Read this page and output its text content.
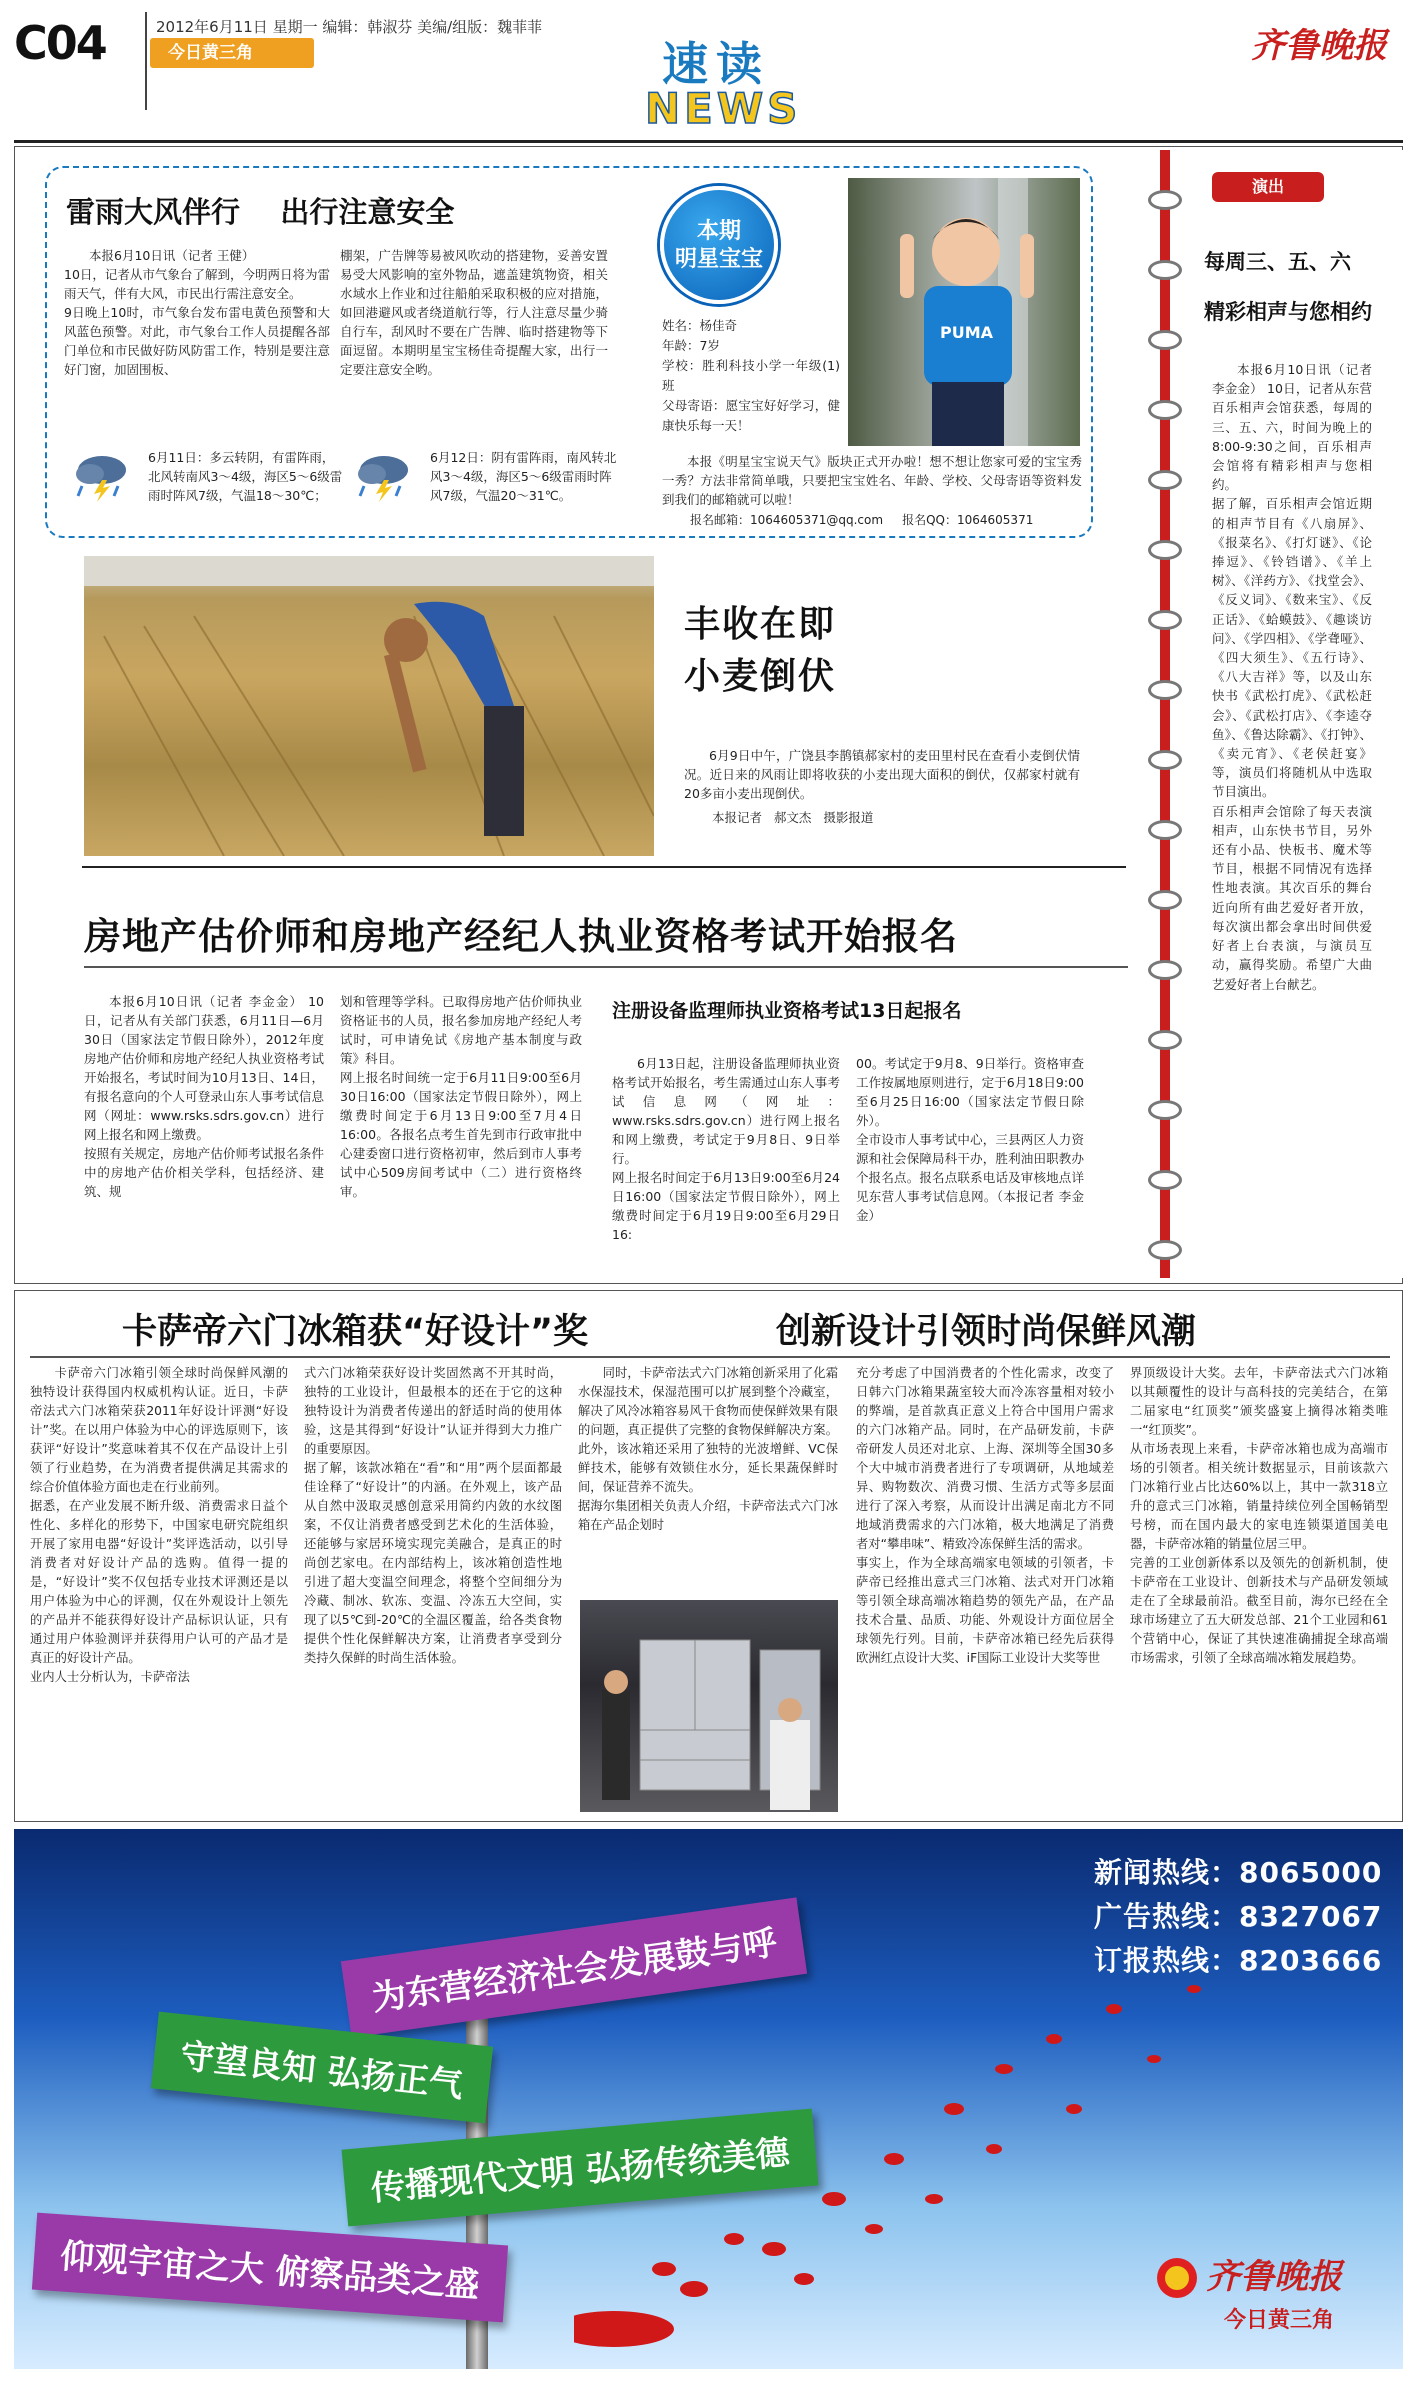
C04	2012年6月11日 星期一 编辑：韩淑芬 美编/组版：魏菲菲
今日黄三角	速读
NEWS
齐鲁晚报
雷雨大风伴行    出行注意安全
本报6月10日讯（记者 王健）
10日，记者从市气象台了解到，今明两日将为雷雨天气，伴有大风，市民出行需注意安全。
9日晚上10时，市气象台发布雷电黄色预警和大风蓝色预警。对此，市气象台工作人员提醒各部门单位和市民做好防风防雷工作，特别是要注意好门窗，加固围板、
棚架，广告牌等易被风吹动的搭建物，妥善安置易受大风影响的室外物品，遮盖建筑物资，相关水域水上作业和过往船舶采取积极的应对措施，如回港避风或者绕道航行等，行人注意尽量少骑自行车，刮风时不要在广告牌、临时搭建物等下面逗留。本期明星宝宝杨佳奇提醒大家，出行一定要注意安全哟。
6月11日：多云转阴，有雷阵雨，北风转南风3～4级，海区5～6级雷雨时阵风7级，气温18～30℃；
6月12日：阴有雷阵雨，南风转北风3～4级，海区5～6级雷雨时阵风7级，气温20～31℃。
本期
明星宝宝
姓名：杨佳奇
年龄：7岁
学校：胜利科技小学一年级(1)班
父母寄语：愿宝宝好好学习，健康快乐每一天！
PUMA
本报《明星宝宝说天气》版块正式开办啦！想不想让您家可爱的宝宝秀一秀？方法非常简单哦，只要把宝宝姓名、年龄、学校、父母寄语等资料发到我们的邮箱就可以啦！
报名邮箱：1064605371@qq.com     报名QQ：1064605371
丰收在即
小麦倒伏
6月9日中午，广饶县李鹊镇郝家村的麦田里村民在查看小麦倒伏情况。近日来的风雨让即将收获的小麦出现大面积的倒伏，仅郝家村就有20多亩小麦出现倒伏。
本报记者   郝文杰   摄影报道
房地产估价师和房地产经纪人执业资格考试开始报名
本报6月10日讯（记者 李金金） 10日，记者从有关部门获悉，6月11日—6月30日（国家法定节假日除外），2012年度房地产估价师和房地产经纪人执业资格考试开始报名，考试时间为10月13日、14日，有报名意向的个人可登录山东人事考试信息网（网址：www.rsks.sdrs.gov.cn）进行网上报名和网上缴费。
按照有关规定，房地产估价师考试报名条件中的房地产估价相关学科，包括经济、建筑、规
划和管理等学科。已取得房地产估价师执业资格证书的人员，报名参加房地产经纪人考试时，可申请免试《房地产基本制度与政策》科目。
网上报名时间统一定于6月11日9:00至6月30日16:00（国家法定节假日除外），网上缴费时间定于6月13日9:00至7月4日16:00。各报名点考生首先到市行政审批中心建委窗口进行资格初审，然后到市人事考试中心509房间考试中（二）进行资格终审。
注册设备监理师执业资格考试13日起报名
6月13日起，注册设备监理师执业资格考试开始报名，考生需通过山东人事考试信息网（网址：www.rsks.sdrs.gov.cn）进行网上报名和网上缴费，考试定于9月8日、9日举行。
网上报名时间定于6月13日9:00至6月24日16:00（国家法定节假日除外），网上缴费时间定于6月19日9:00至6月29日16:
00。考试定于9月8、9日举行。资格审查工作按属地原则进行，定于6月18日9:00至6月25日16:00（国家法定节假日除外）。
全市设市人事考试中心，三县两区人力资源和社会保障局科干办，胜利油田职教办个报名点。报名点联系电话及审核地点详见东营人事考试信息网。（本报记者 李金金）
演出
每周三、五、六
精彩相声与您相约
本报6月10日讯（记者 李金金） 10日，记者从东营百乐相声会馆获悉，每周的三、五、六，时间为晚上的8:00-9:30之间，百乐相声会馆将有精彩相声与您相约。
据了解，百乐相声会馆近期的相声节目有《八扇屏》、《报菜名》、《打灯谜》、《论捧逗》、《铃铛谱》、《羊上树》、《洋药方》、《找堂会》、《反义词》、《数来宝》、《反正话》、《蛤蟆鼓》、《趣谈访问》、《学四相》、《学聋哑》、《四大须生》、《五行诗》、《八大吉祥》等，以及山东快书《武松打虎》、《武松赶会》、《武松打店》、《李逵夺鱼》、《鲁达除霸》、《打钟》、《卖元宵》、《老侯赶宴》等，演员们将随机从中选取节目演出。
百乐相声会馆除了每天表演相声，山东快书节目，另外还有小品、快板书、魔术等节目，根据不同情况有选择性地表演。其次百乐的舞台近向所有曲艺爱好者开放，每次演出都会拿出时间供爱好者上台表演，与演员互动，赢得奖励。希望广大曲艺爱好者上台献艺。
卡萨帝六门冰箱获“好设计”奖	创新设计引领时尚保鲜风潮
卡萨帝六门冰箱引领全球时尚保鲜风潮的独特设计获得国内权威机构认证。近日，卡萨帝法式六门冰箱荣获2011年好设计评测“好设计”奖。在以用户体验为中心的评选原则下，该获评“好设计”奖意味着其不仅在产品设计上引领了行业趋势，在为消费者提供满足其需求的综合价值体验方面也走在行业前列。
据悉，在产业发展不断升级、消费需求日益个性化、多样化的形势下，中国家电研究院组织开展了家用电器“好设计”奖评选活动，以引导消费者对好设计产品的选购。值得一提的是，“好设计”奖不仅包括专业技术评测还是以用户体验为中心的评测，仅在外观设计上领先的产品并不能获得好设计产品标识认证，只有通过用户体验测评并获得用户认可的产品才是真正的好设计产品。
业内人士分析认为，卡萨帝法
式六门冰箱荣获好设计奖固然离不开其时尚，独特的工业设计，但最根本的还在于它的这种独特设计为消费者传递出的舒适时尚的使用体验，这是其得到“好设计”认证并得到大力推广的重要原因。
据了解，该款冰箱在“看”和“用”两个层面都最佳诠释了“好设计”的内涵。在外观上，该产品从自然中汲取灵感创意采用简约内敛的水纹图案，不仅让消费者感受到艺术化的生活体验，还能够与家居环境实现完美融合，是真正的时尚创艺家电。在内部结构上，该冰箱创造性地引进了超大变温空间理念，将整个空间细分为冷藏、制冰、软冻、变温、冷冻五大空间，实现了以5℃到-20℃的全温区覆盖，给各类食物提供个性化保鲜解决方案，让消费者享受到分类持久保鲜的时尚生活体验。
同时，卡萨帝法式六门冰箱创新采用了化霜水保湿技术，保湿范围可以扩展到整个冷藏室，解决了风冷冰箱容易风干食物而使保鲜效果有限的问题，真正提供了完整的食物保鲜解决方案。此外，该冰箱还采用了独特的光波增鲜、VC保鲜技术，能够有效锁住水分，延长果蔬保鲜时间，保证营养不流失。
据海尔集团相关负责人介绍，卡萨帝法式六门冰箱在产品企划时
充分考虑了中国消费者的个性化需求，改变了日韩六门冰箱果蔬室较大而冷冻容量相对较小的弊端，是首款真正意义上符合中国用户需求的六门冰箱产品。同时，在产品研发前，卡萨帝研发人员还对北京、上海、深圳等全国30多个大中城市消费者进行了专项调研，从地域差异、购物数次、消费习惯、生活方式等多层面进行了深入考察，从而设计出满足南北方不同地域消费需求的六门冰箱，极大地满足了消费者对“攀串味”、精致冷冻保鲜生活的需求。
事实上，作为全球高端家电领域的引领者，卡萨帝已经推出意式三门冰箱、法式对开门冰箱等引领全球高端冰箱趋势的领先产品，在产品技术合量、品质、功能、外观设计方面位居全球领先行列。目前，卡萨帝冰箱已经先后获得欧洲红点设计大奖、iF国际工业设计大奖等世
界顶级设计大奖。去年，卡萨帝法式六门冰箱以其颠覆性的设计与高科技的完美结合，在第二届家电“红顶奖”颁奖盛宴上摘得冰箱类唯一“红顶奖”。
从市场表现上来看，卡萨帝冰箱也成为高端市场的引领者。相关统计数据显示，目前该款六门冰箱行业占比达60%以上，其中一款318立升的意式三门冰箱，销量持续位列全国畅销型号榜，而在国内最大的家电连锁渠道国美电器，卡萨帝冰箱的销量位居三甲。
完善的工业创新体系以及领先的创新机制，使卡萨帝在工业设计、创新技术与产品研发领域走在了全球最前沿。截至目前，海尔已经在全球市场建立了五大研发总部、21个工业园和61个营销中心，保证了其快速准确捕捉全球高端市场需求，引领了全球高端冰箱发展趋势。
新闻热线：8065000
广告热线：8327067
订报热线：8203666
为东营经济社会发展鼓与呼
守望良知 弘扬正气
传播现代文明 弘扬传统美德
仰观宇宙之大 俯察品类之盛	齐鲁晚报
今日黄三角
